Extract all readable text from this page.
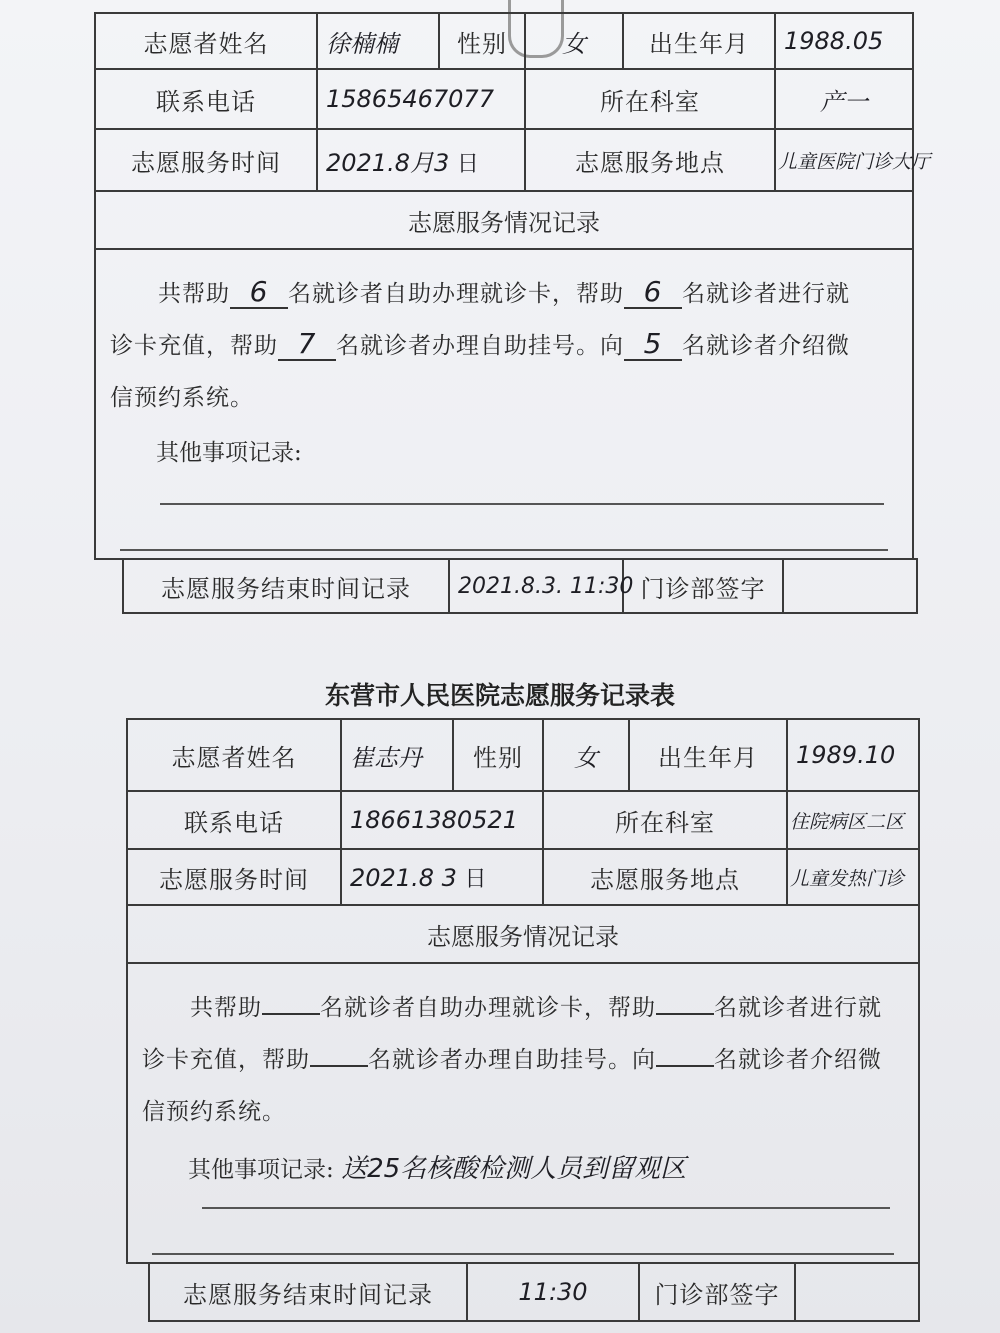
志愿者姓名	徐楠楠	性别	女	出生年月	1988.05
联系电话	15865467077		所在科室		产一
志愿服务时间	2021.8月3 日		志愿服务地点		儿童医院门诊大厅
志愿服务情况记录					

共帮助 6 名就诊者自助办理就诊卡，帮助 6 名就诊者进行就
诊卡充值，帮助 7 名就诊者办理自助挂号。向 5 名就诊者介绍微
信预约系统。
其他事项记录:					
志愿服务结束时间记录	2021.8.3. 11:30	门诊部签字	
东营市人民医院志愿服务记录表
志愿者姓名	崔志丹	性别	女	出生年月	1989.10
联系电话	18661380521		所在科室		住院病区二区
志愿服务时间	2021.8 3 日		志愿服务地点		儿童发热门诊
志愿服务情况记录					

共帮助 名就诊者自助办理就诊卡，帮助 名就诊者进行就
诊卡充值，帮助 名就诊者办理自助挂号。向 名就诊者介绍微
信预约系统。
其他事项记录: 送25名核酸检测人员到留观区					
志愿服务结束时间记录	11:30	门诊部签字	
